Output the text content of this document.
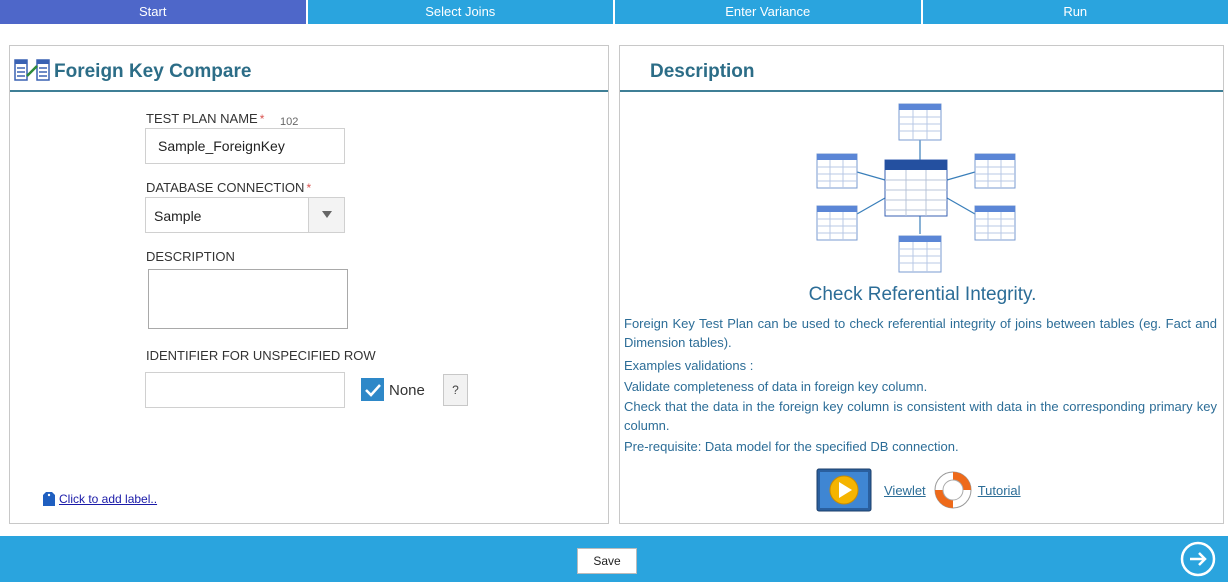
Start	Select Joins	Enter Variance	Run
Foreign Key Compare
TEST PLAN NAME * 102
Sample_ForeignKey
DATABASE CONNECTION *
Sample
DESCRIPTION
IDENTIFIER FOR UNSPECIFIED ROW
None	?
Click to add label..
Description
Check Referential Integrity.
Foreign Key Test Plan can be used to check referential integrity of joins between tables (eg. Fact and Dimension tables).
Examples validations :
Validate completeness of data in foreign key column.
Check that the data in the foreign key column is consistent with data in the corresponding primary key column.
Pre-requisite: Data model for the specified DB connection.
Viewlet	Tutorial
Save
